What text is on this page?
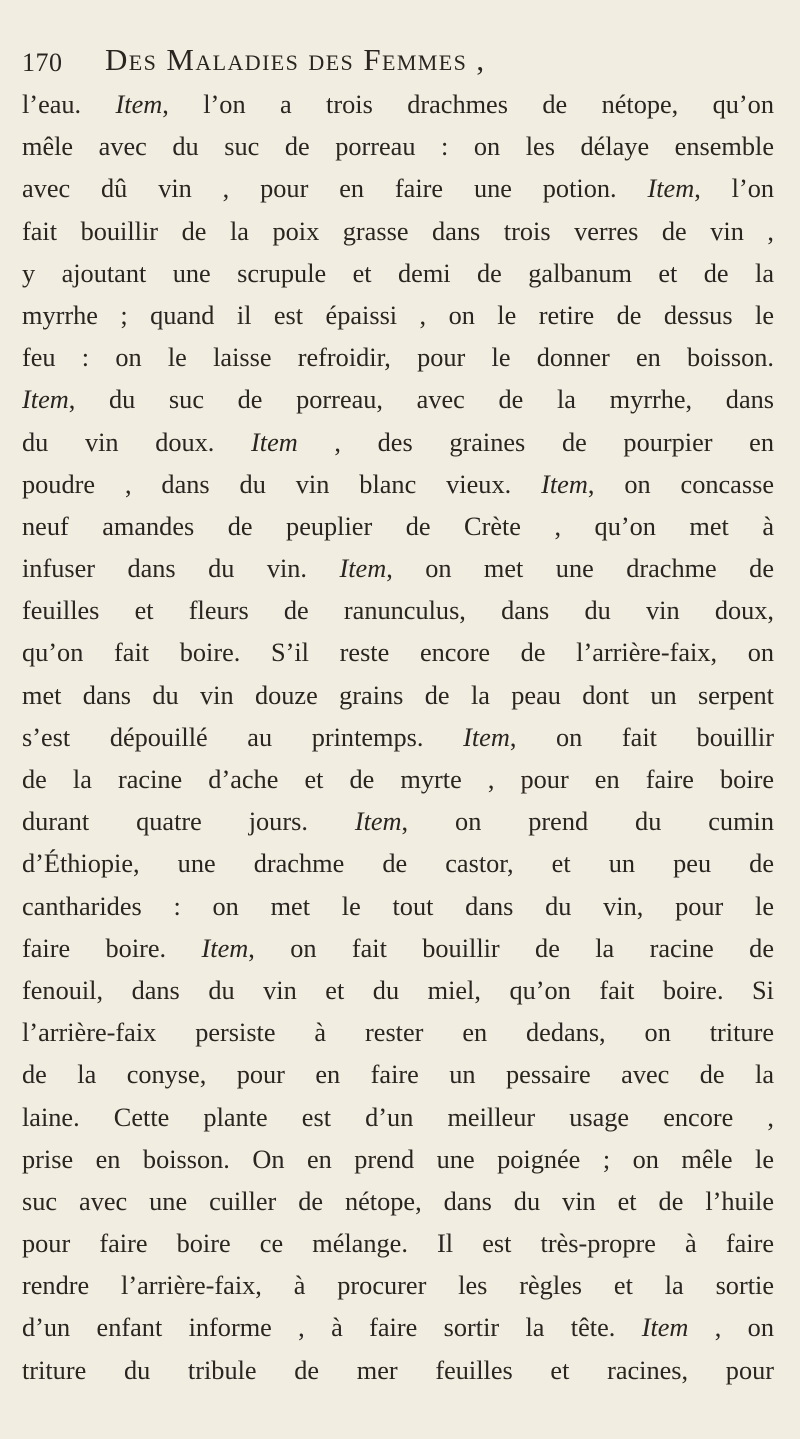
170 Des Maladies des Femmes ,
l’eau. Item, l’on a trois drachmes de nétope, qu’on
mêle avec du suc de porreau : on les délaye ensemble
avec dû vin , pour en faire une potion. Item, l’on
fait bouillir de la poix grasse dans trois verres de vin ,
y ajoutant une scrupule et demi de galbanum et de la
myrrhe ; quand il est épaissi , on le retire de dessus le
feu : on le laisse refroidir, pour le donner en boisson.
Item, du suc de porreau, avec de la myrrhe, dans
du vin doux. Item , des graines de pourpier en
poudre , dans du vin blanc vieux. Item, on concasse
neuf amandes de peuplier de Crète , qu’on met à
infuser dans du vin. Item, on met une drachme de
feuilles et fleurs de ranunculus, dans du vin doux,
qu’on fait boire. S’il reste encore de l’arrière-faix, on
met dans du vin douze grains de la peau dont un serpent
s’est dépouillé au printemps. Item, on fait bouillir
de la racine d’ache et de myrte , pour en faire boire
durant quatre jours. Item, on prend du cumin
d’Éthiopie, une drachme de castor, et un peu de
cantharides : on met le tout dans du vin, pour le
faire boire. Item, on fait bouillir de la racine de
fenouil, dans du vin et du miel, qu’on fait boire. Si
l’arrière-faix persiste à rester en dedans, on triture
de la conyse, pour en faire un pessaire avec de la
laine. Cette plante est d’un meilleur usage encore ,
prise en boisson. On en prend une poignée ; on mêle le
suc avec une cuiller de nétope, dans du vin et de l’huile
pour faire boire ce mélange. Il est très-propre à faire
rendre l’arrière-faix, à procurer les règles et la sortie
d’un enfant informe , à faire sortir la tête. Item , on
triture du tribule de mer feuilles et racines, pour
